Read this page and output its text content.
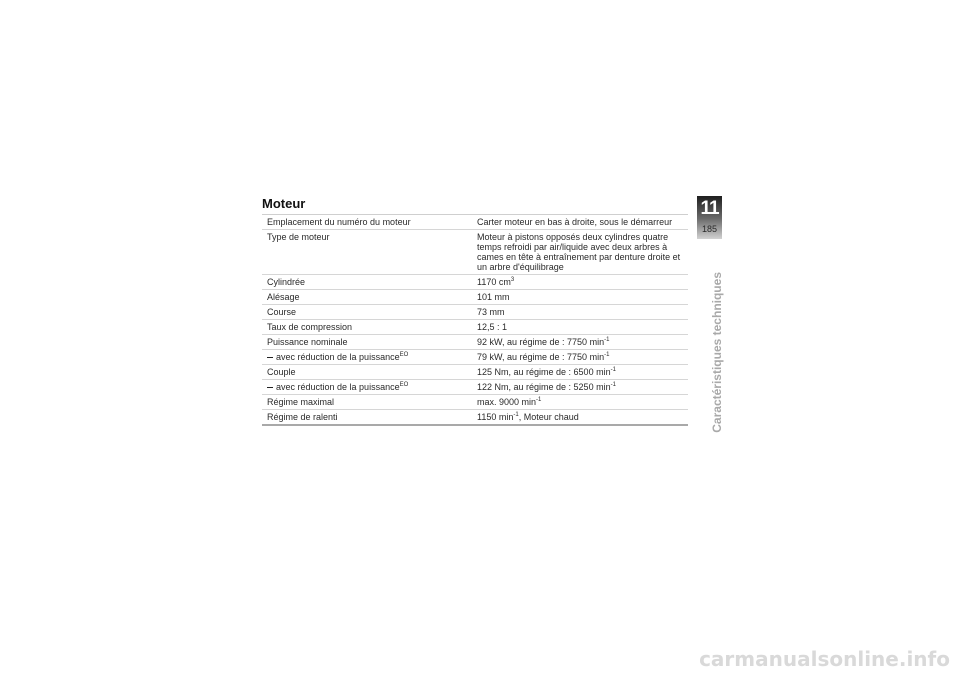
Moteur
Emplacement du numéro du moteur	Carter moteur en bas à droite, sous le démarreur
Type de moteur	Moteur à pistons opposés deux cylindres quatre temps refroidi par air/liquide avec deux arbres à cames en tête à entraînement par denture droite et un arbre d'équilibrage
Cylindrée	1170 $cm^3$
Alésage	101 mm
Course	73 mm
Taux de compression	12,5 : 1
Puissance nominale	92 kW, au régime de : 7750 $\min^{-1}$
avec réduction de la puissance$^{EO}$	79 kW, au régime de : 7750 $\min^{-1}$
Couple	125 Nm, au régime de : 6500 $\min^{-1}$
avec réduction de la puissance$^{EO}$	122 Nm, au régime de : 5250 $\min^{-1}$
Régime maximal	max. 9000 $\min^{-1}$
Régime de ralenti	1150 $\min^{-1}$, Moteur chaud
11
185
Caractéristiques techniques
carmanualsonline.info
